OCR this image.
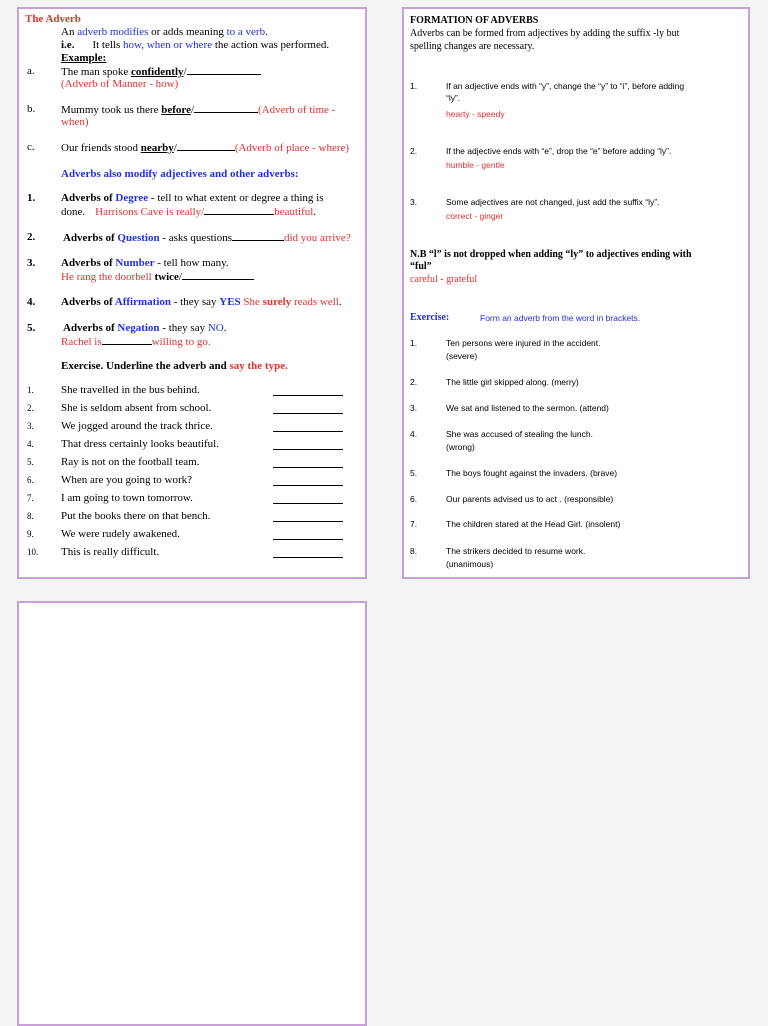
The Adverb
An adverb modifies or adds meaning to a verb.
i.e. It tells how, when or where the action was performed.
Example:
a. The man spoke confidently/
(Adverb of Manner - how)
b. Mummy took us there before/	(Adverb of time -
when)
c. Our friends stood nearby/	(Adverb of place - where)
Adverbs also modify adjectives and other adverbs:
1. Adverbs of Degree - tell to what extent or degree a thing is
done. Harrisons Cave is really/	beautiful.
2.	Adverbs of Question - asks questions	did you arrive?
3. Adverbs of Number - tell how many.
He rang the doorbell twice/
4. Adverbs of Affirmation - they say YES She surely reads well.
5.	Adverbs of Negation - they say NO.
Rachel is	willing to go.
Exercise. Underline the adverb and say the type.
1. She travelled in the bus behind.
2. She is seldom absent from school.
3. We jogged around the track thrice.
4. That dress certainly looks beautiful.
5. Ray is not on the football team.
6. When are you going to work?
7. I am going to town tomorrow.
8. Put the books there on that bench.
9. We were rudely awakened.
10. This is really difficult.
FORMATION OF ADVERBS
Adverbs can be formed from adjectives by adding the suffix -ly but
spelling changes are necessary.
1.	If an adjective ends with “y”, change the “y” to “i”, before adding
“ly”.
hearty - speedy
2.	If the adjective ends with “e”, drop the “e” before adding “ly”.
humble - gentle
3.	Some adjectives are not changed, just add the suffix “ly”.
correct - ginger
N.B “l” is not dropped when adding “ly” to adjectives ending with
“ful”
careful - grateful
Exercise:	Form an adverb from the word in brackets.
1.	Ten persons were injured in the accident.
(severe)
2.	The little girl skipped along. (merry)
3.	We sat and listened to the sermon. (attend)
4.	She was accused of stealing the lunch.
(wrong)
5.	The boys fought against the invaders. (brave)
6.	Our parents advised us to act . (responsible)
7.	The children stared at the Head Girl. (insolent)
8.	The strikers decided to resume work.
(unanimous)
